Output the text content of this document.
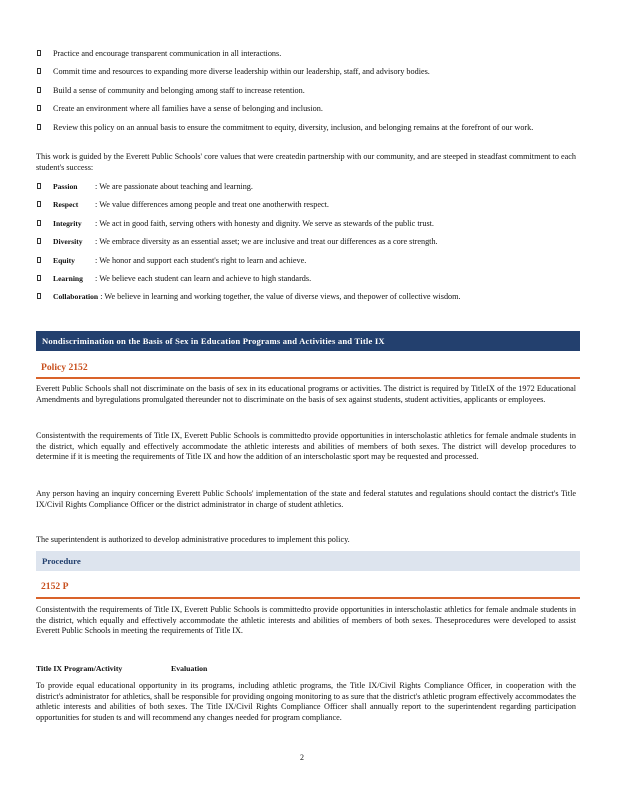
Practice and encourage transparent communication in all interactions.
Commit time and resources to expanding more diverse leadership within our leadership, staff, and advisory bodies.
Build a sense of community and belonging among staff to increase retention.
Create an environment where all families have a sense of belonging and inclusion.
Review this policy on an annual basis to ensure the commitment to equity, diversity, inclusion, and belonging remains at the forefront of our work.

This work is guided by the Everett Public Schools' core values that were createdin partnership with our community, and are steeped in steadfast commitment to each student's success:

Passion : We are passionate about teaching and learning.
Respect : We value differences among people and treat one anotherwith respect.
Integrity : We act in good faith, serving others with honesty and dignity. We serve as stewards of the public trust.
Diversity : We embrace diversity as an essential asset; we are inclusive and treat our differences as a core strength.
Equity : We honor and support each student's right to learn and achieve.
Learning : We believe each student can learn and achieve to high standards.
Collaboration : We believe in learning and working together, the value of diverse views, and thepower of collective wisdom.
Nondiscrimination on the Basis of Sex in Education Programs and Activities and Title IX
Policy 2152

Everett Public Schools shall not discriminate on the basis of sex in its educational programs or activities. The district is required by TitleIX of the 1972 Educational Amendments and byregulations promulgated thereunder not to discriminate on the basis of sex against students, student activities, applicants or employees.

Consistentwith the requirements of Title IX, Everett Public Schools is committedto provide opportunities in interscholastic athletics for female andmale students in the district, which equally and effectively accommodate the athletic interests and abilities of members of both sexes. The district will develop procedures to determine if it is meeting the requirements of Title IX and how the addition of an interscholastic sport may be requested and processed.

Any person having an inquiry concerning Everett Public Schools' implementation of the state and federal statutes and regulations should contact the district's Title IX/Civil Rights Compliance Officer or the district administrator in charge of student athletics.

The superintendent is authorized to develop administrative procedures to implement this policy.

Procedure
2152 P

Consistentwith the requirements of Title IX, Everett Public Schools is committedto provide opportunities in interscholastic athletics for female andmale students in the district, which equally and effectively accommodate the athletic interests and abilities of members of both sexes. Theseprocedures were developed to assist Everett Public Schools in meeting the requirements of Title IX.

Title IX Program/Activity	Evaluation

To provide equal educational opportunity in its programs, including athletic programs, the Title IX/Civil Rights Compliance Officer, in cooperation with the district's administrator for athletics, shall be responsible for providing ongoing monitoring to as sure that the district's athletic program effectively accommodates the athletic interests and abilities of both sexes. The Title IX/Civil Rights Compliance Officer shall annually report to the superintendent regarding participation opportunities for studen ts and will recommend any changes needed for program compliance.

2
